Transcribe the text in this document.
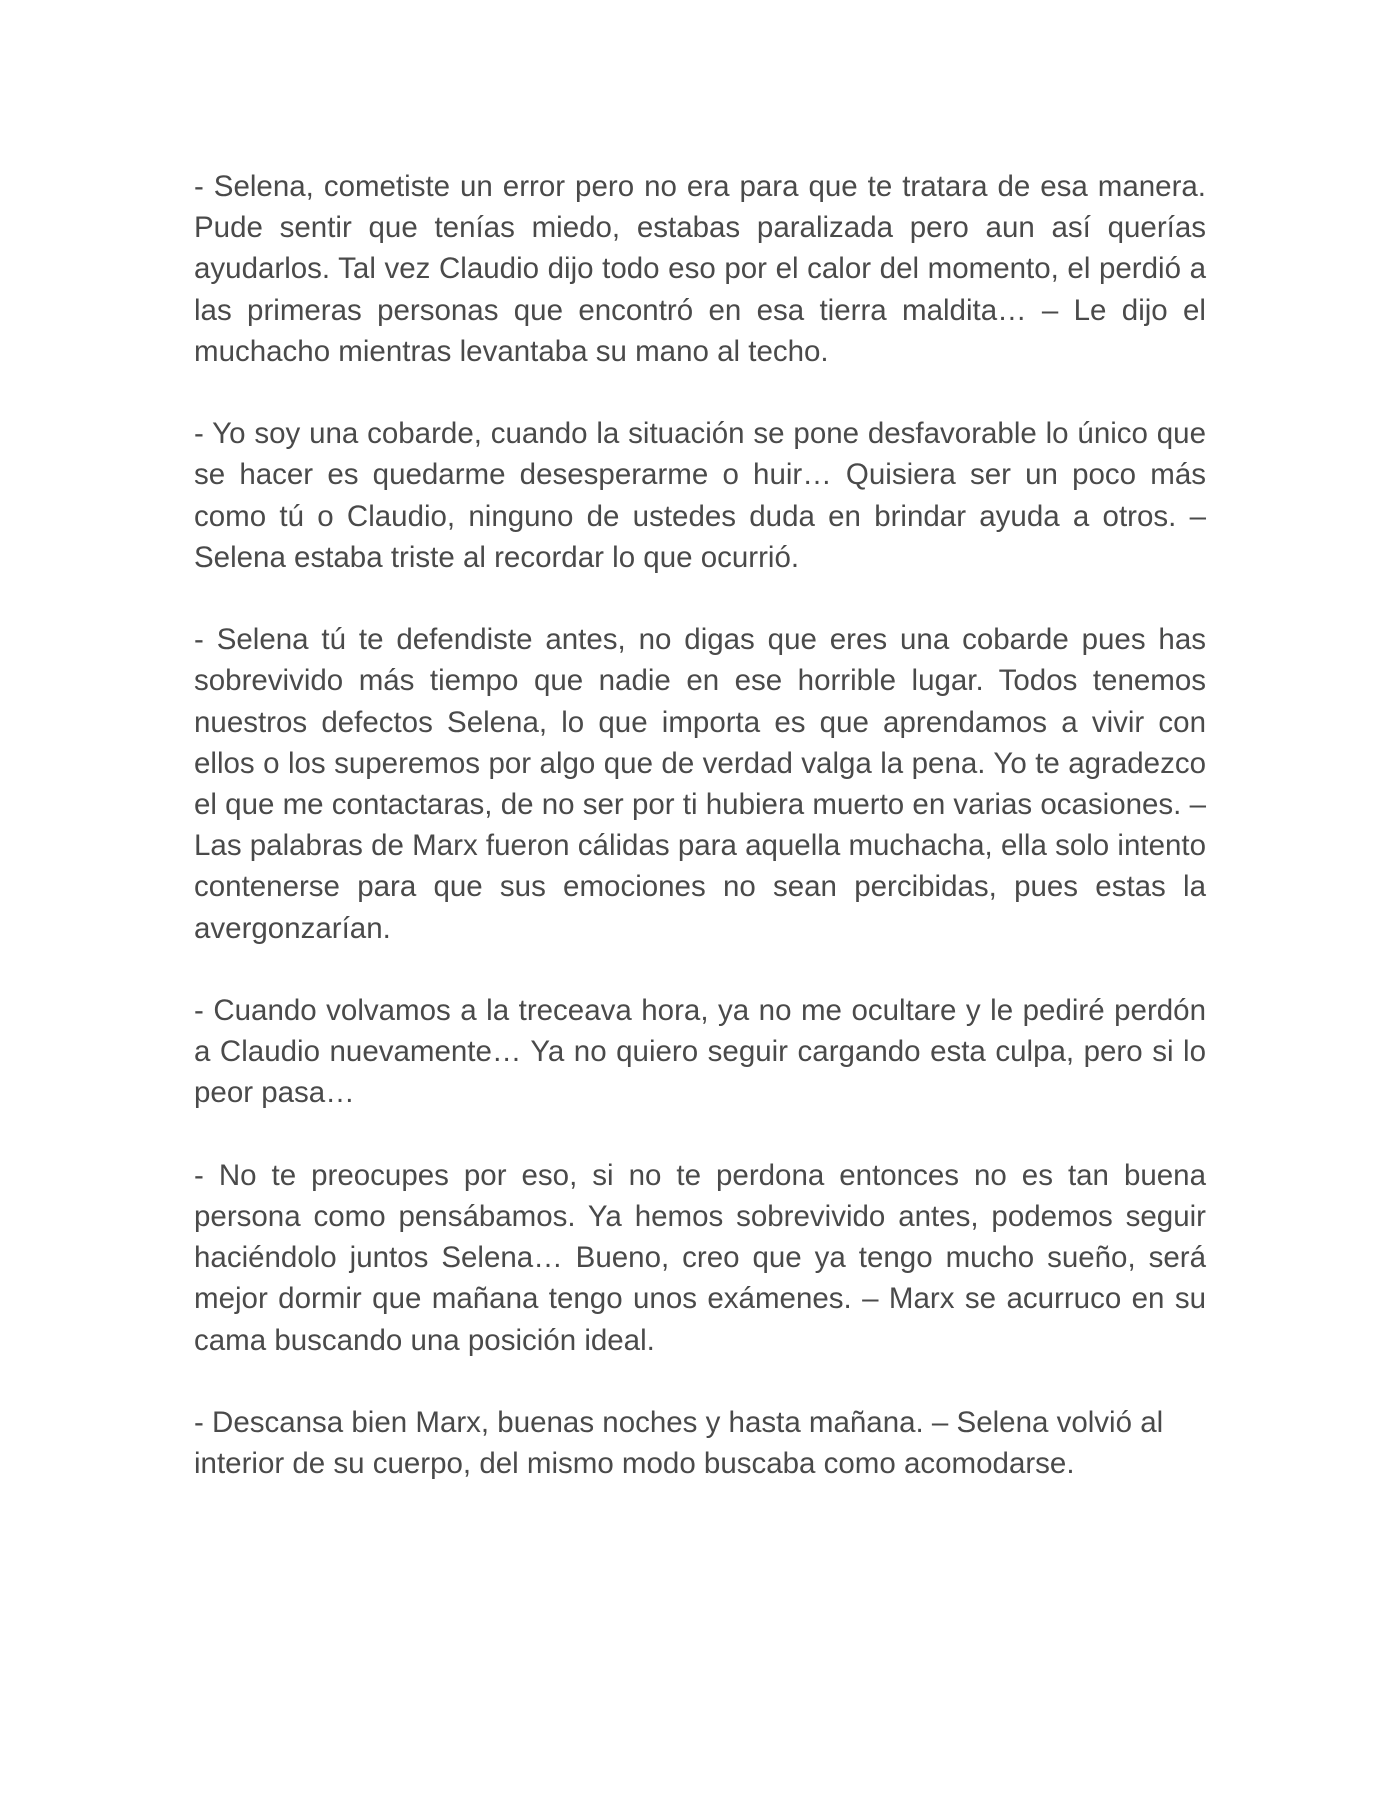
- Selena, cometiste un error pero no era para que te tratara de esa manera. Pude sentir que tenías miedo, estabas paralizada pero aun así querías ayudarlos. Tal vez Claudio dijo todo eso por el calor del momento, el perdió a las primeras personas que encontró en esa tierra maldita… – Le dijo el muchacho mientras levantaba su mano al techo.

- Yo soy una cobarde, cuando la situación se pone desfavorable lo único que se hacer es quedarme desesperarme o huir… Quisiera ser un poco más como tú o Claudio, ninguno de ustedes duda en brindar ayuda a otros. – Selena estaba triste al recordar lo que ocurrió.

- Selena tú te defendiste antes, no digas que eres una cobarde pues has sobrevivido más tiempo que nadie en ese horrible lugar. Todos tenemos nuestros defectos Selena, lo que importa es que aprendamos a vivir con ellos o los superemos por algo que de verdad valga la pena. Yo te agradezco el que me contactaras, de no ser por ti hubiera muerto en varias ocasiones. – Las palabras de Marx fueron cálidas para aquella muchacha, ella solo intento contenerse para que sus emociones no sean percibidas, pues estas la avergonzarían.

- Cuando volvamos a la treceava hora, ya no me ocultare y le pediré perdón a Claudio nuevamente… Ya no quiero seguir cargando esta culpa, pero si lo peor pasa…

- No te preocupes por eso, si no te perdona entonces no es tan buena persona como pensábamos. Ya hemos sobrevivido antes, podemos seguir haciéndolo juntos Selena… Bueno, creo que ya tengo mucho sueño, será mejor dormir que mañana tengo unos exámenes. – Marx se acurruco en su cama buscando una posición ideal.

- Descansa bien Marx, buenas noches y hasta mañana. – Selena volvió al interior de su cuerpo, del mismo modo buscaba como acomodarse.
